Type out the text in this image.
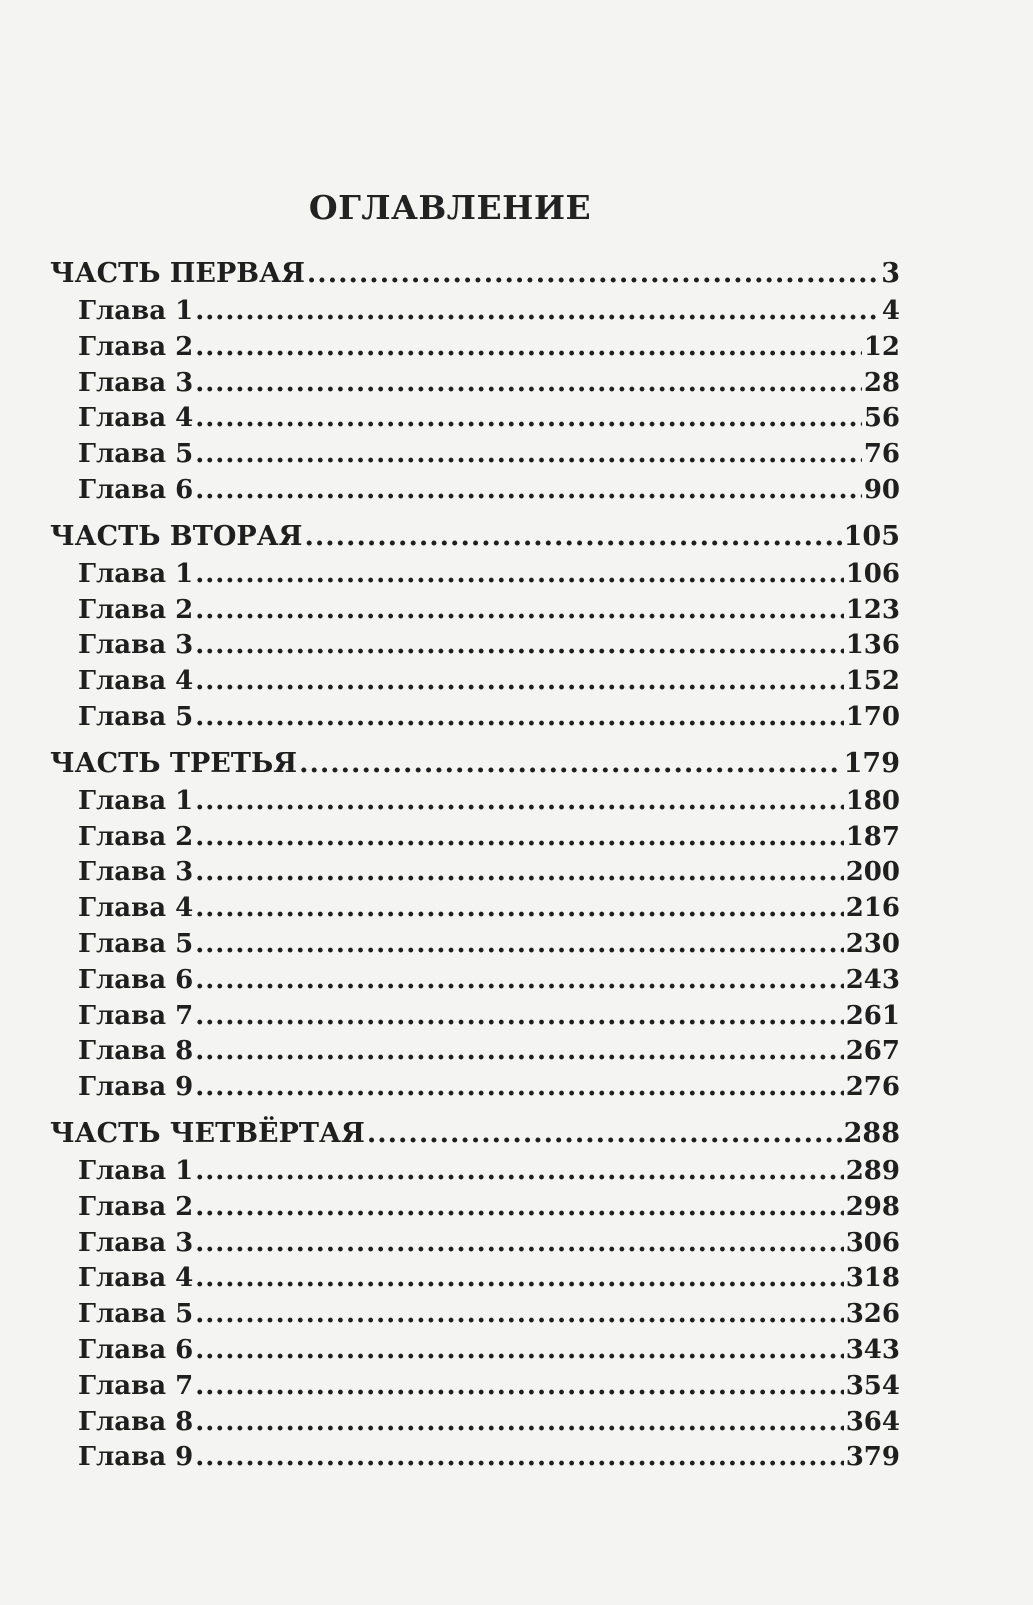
ОГЛАВЛЕНИЕ
ЧАСТЬ ПЕРВАЯ .....	3
Глава 1 .....	4
Глава 2 .....	12
Глава 3 .....	28
Глава 4 .....	56
Глава 5 .....	76
Глава 6 .....	90
ЧАСТЬ ВТОРАЯ .....	105
Глава 1 .....	106
Глава 2 .....	123
Глава 3 .....	136
Глава 4 .....	152
Глава 5 .....	170
ЧАСТЬ ТРЕТЬЯ .....	179
Глава 1 .....	180
Глава 2 .....	187
Глава 3 .....	200
Глава 4 .....	216
Глава 5 .....	230
Глава 6 .....	243
Глава 7 .....	261
Глава 8 .....	267
Глава 9 .....	276
ЧАСТЬ ЧЕТВЁРТАЯ .....	288
Глава 1 .....	289
Глава 2 .....	298
Глава 3 .....	306
Глава 4 .....	318
Глава 5 .....	326
Глава 6 .....	343
Глава 7 .....	354
Глава 8 .....	364
Глава 9 .....	379
